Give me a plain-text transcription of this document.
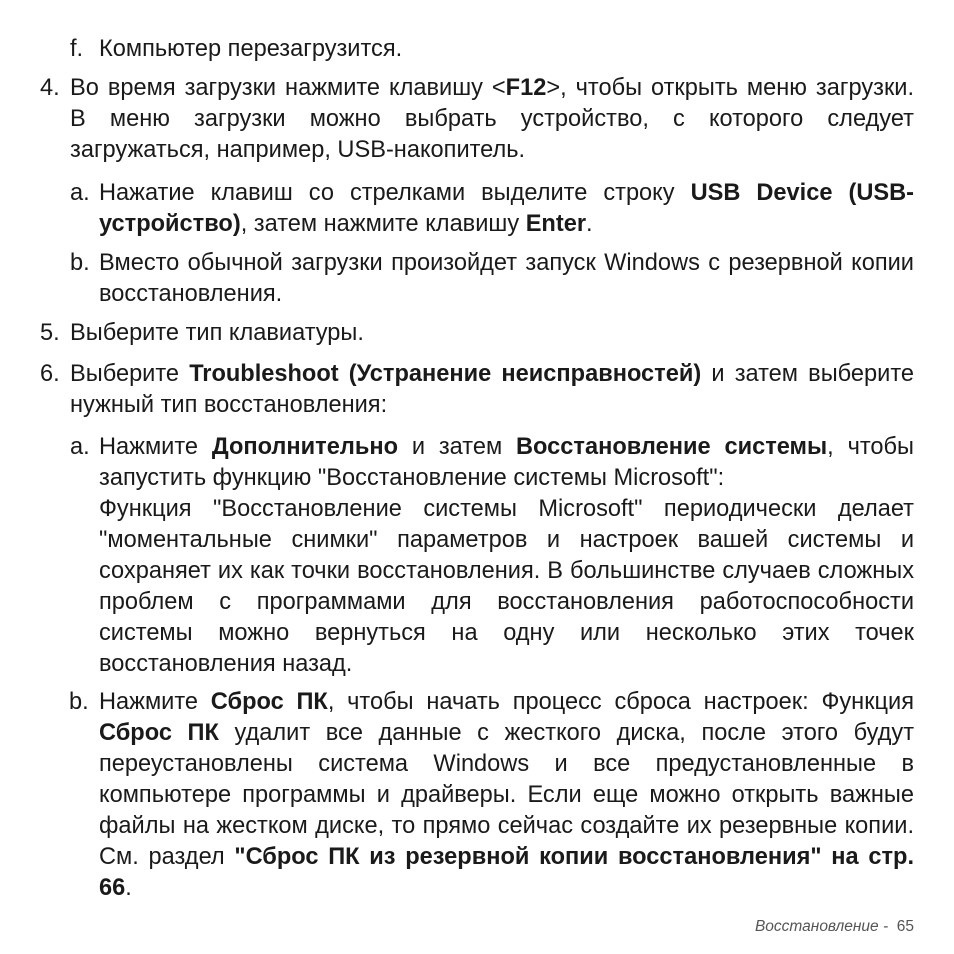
f. Компьютер перезагрузится.
4. Во время загрузки нажмите клавишу <F12>, чтобы открыть меню загрузки. В меню загрузки можно выбрать устройство, с которого следует загружаться, например, USB-накопитель.
a. Нажатие клавиш со стрелками выделите строку USB Device (USB-устройство), затем нажмите клавишу Enter.
b. Вместо обычной загрузки произойдет запуск Windows с резервной копии восстановления.
5. Выберите тип клавиатуры.
6. Выберите Troubleshoot (Устранение неисправностей) и затем выберите нужный тип восстановления:
a. Нажмите Дополнительно и затем Восстановление системы, чтобы запустить функцию "Восстановление системы Microsoft":
Функция "Восстановление системы Microsoft" периодически делает "моментальные снимки" параметров и настроек вашей системы и сохраняет их как точки восстановления. В большинстве случаев сложных проблем с программами для восстановления работоспособности системы можно вернуться на одну или несколько этих точек восстановления назад.
b. Нажмите Сброс ПК, чтобы начать процесс сброса настроек: Функция Сброс ПК удалит все данные с жесткого диска, после этого будут переустановлены система Windows и все предустановленные в компьютере программы и драйверы. Если еще можно открыть важные файлы на жестком диске, то прямо сейчас создайте их резервные копии. См. раздел "Сброс ПК из резервной копии восстановления" на стр. 66.
Восстановление - 65
